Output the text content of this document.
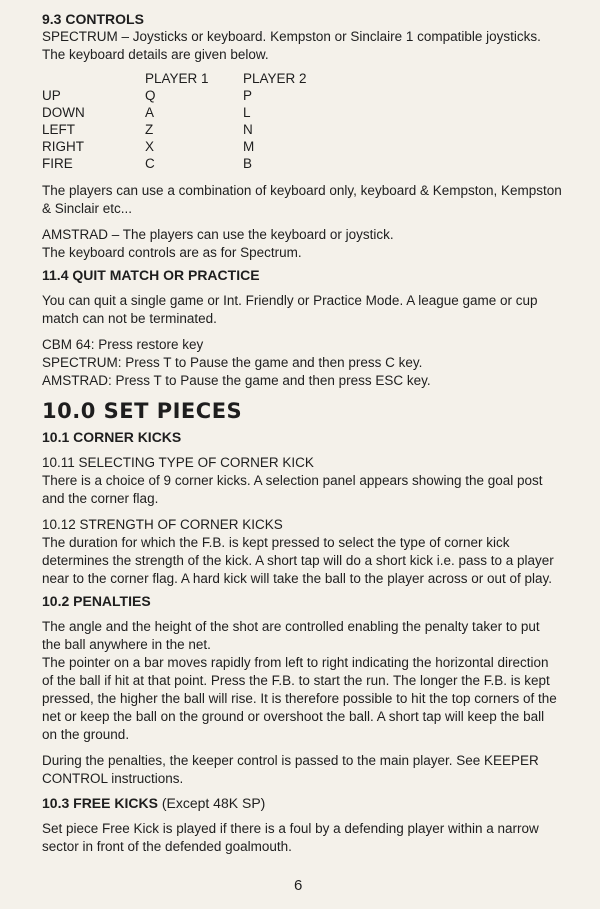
9.3 CONTROLS

SPECTRUM – Joysticks or keyboard. Kempston or Sinclaire 1 compatible joysticks. The keyboard details are given below.

	PLAYER 1	PLAYER 2
UP	Q	P
DOWN	A	L
LEFT	Z	N
RIGHT	X	M
FIRE	C	B

The players can use a combination of keyboard only, keyboard & Kempston, Kempston & Sinclair etc...

AMSTRAD – The players can use the keyboard or joystick.

The keyboard controls are as for Spectrum.

11.4 QUIT MATCH OR PRACTICE

You can quit a single game or Int. Friendly or Practice Mode. A league game or cup match can not be terminated.

CBM 64: Press restore key

SPECTRUM: Press T to Pause the game and then press C key.

AMSTRAD: Press T to Pause the game and then press ESC key.

10.0 SET PIECES

10.1 CORNER KICKS

10.11 SELECTING TYPE OF CORNER KICK

There is a choice of 9 corner kicks. A selection panel appears showing the goal post and the corner flag.

10.12 STRENGTH OF CORNER KICKS

The duration for which the F.B. is kept pressed to select the type of corner kick determines the strength of the kick. A short tap will do a short kick i.e. pass to a player near to the corner flag. A hard kick will take the ball to the player across or out of play.

10.2 PENALTIES

The angle and the height of the shot are controlled enabling the penalty taker to put the ball anywhere in the net.

The pointer on a bar moves rapidly from left to right indicating the horizontal direction of the ball if hit at that point. Press the F.B. to start the run. The longer the F.B. is kept pressed, the higher the ball will rise. It is therefore possible to hit the top corners of the net or keep the ball on the ground or overshoot the ball. A short tap will keep the ball on the ground.

During the penalties, the keeper control is passed to the main player. See KEEPER CONTROL instructions.

10.3 FREE KICKS (Except 48K SP)

Set piece Free Kick is played if there is a foul by a defending player within a narrow sector in front of the defended goalmouth.

6
